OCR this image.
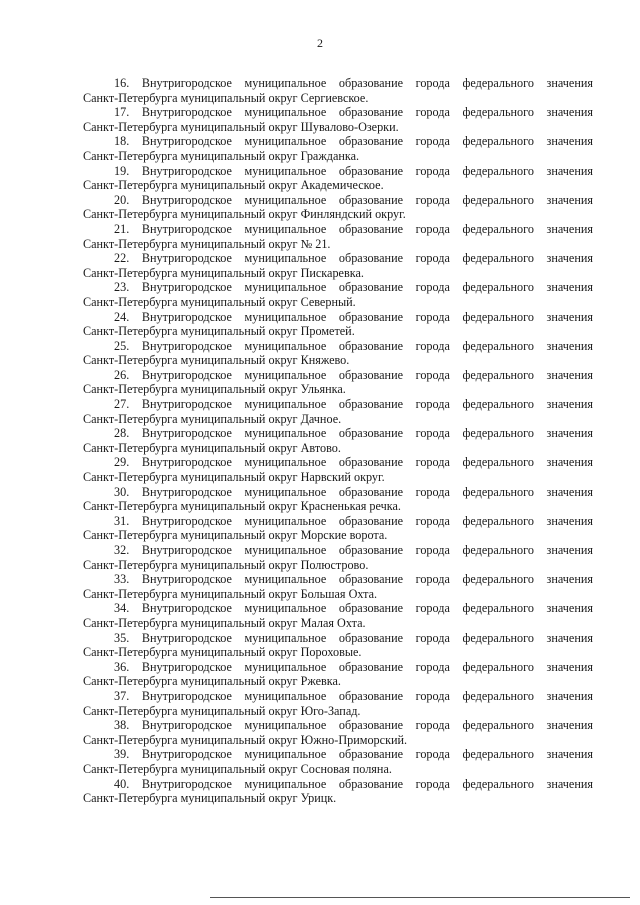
2

16. Внутригородское муниципальное образование города федерального значения
Санкт-Петербурга муниципальный округ Сергиевское.

17. Внутригородское муниципальное образование города федерального значения
Санкт-Петербурга муниципальный округ Шувалово-Озерки.

18. Внутригородское муниципальное образование города федерального значения
Санкт-Петербурга муниципальный округ Гражданка.

19. Внутригородское муниципальное образование города федерального значения
Санкт-Петербурга муниципальный округ Академическое.

20. Внутригородское муниципальное образование города федерального значения
Санкт-Петербурга муниципальный округ Финляндский округ.

21. Внутригородское муниципальное образование города федерального значения
Санкт-Петербурга муниципальный округ № 21.

22. Внутригородское муниципальное образование города федерального значения
Санкт-Петербурга муниципальный округ Пискаревка.

23. Внутригородское муниципальное образование города федерального значения
Санкт-Петербурга муниципальный округ Северный.

24. Внутригородское муниципальное образование города федерального значения
Санкт-Петербурга муниципальный округ Прометей.

25. Внутригородское муниципальное образование города федерального значения
Санкт-Петербурга муниципальный округ Княжево.

26. Внутригородское муниципальное образование города федерального значения
Санкт-Петербурга муниципальный округ Ульянка.

27. Внутригородское муниципальное образование города федерального значения
Санкт-Петербурга муниципальный округ Дачное.

28. Внутригородское муниципальное образование города федерального значения
Санкт-Петербурга муниципальный округ Автово.

29. Внутригородское муниципальное образование города федерального значения
Санкт-Петербурга муниципальный округ Нарвский округ.

30. Внутригородское муниципальное образование города федерального значения
Санкт-Петербурга муниципальный округ Красненькая речка.

31. Внутригородское муниципальное образование города федерального значения
Санкт-Петербурга муниципальный округ Морские ворота.

32. Внутригородское муниципальное образование города федерального значения
Санкт-Петербурга муниципальный округ Полюстрово.

33. Внутригородское муниципальное образование города федерального значения
Санкт-Петербурга муниципальный округ Большая Охта.

34. Внутригородское муниципальное образование города федерального значения
Санкт-Петербурга муниципальный округ Малая Охта.

35. Внутригородское муниципальное образование города федерального значения
Санкт-Петербурга муниципальный округ Пороховые.

36. Внутригородское муниципальное образование города федерального значения
Санкт-Петербурга муниципальный округ Ржевка.

37. Внутригородское муниципальное образование города федерального значения
Санкт-Петербурга муниципальный округ Юго-Запад.

38. Внутригородское муниципальное образование города федерального значения
Санкт-Петербурга муниципальный округ Южно-Приморский.

39. Внутригородское муниципальное образование города федерального значения
Санкт-Петербурга муниципальный округ Сосновая поляна.

40. Внутригородское муниципальное образование города федерального значения
Санкт-Петербурга муниципальный округ Урицк.
